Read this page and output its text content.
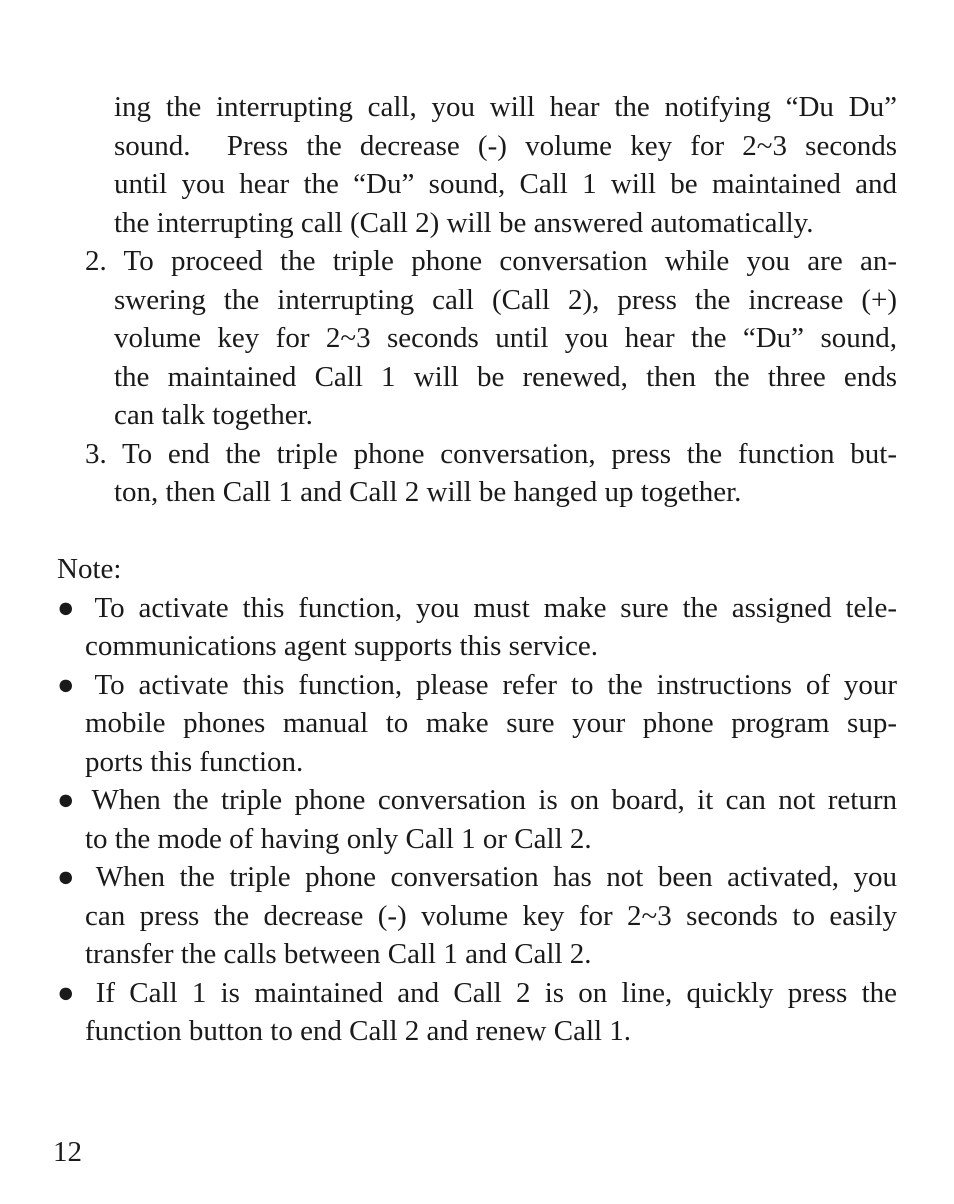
ing the interrupting call, you will hear the notifying “Du Du”

sound.  Press the decrease (-) volume key for 2~3 seconds

until you hear the “Du” sound, Call 1 will be maintained and

the interrupting call (Call 2) will be answered automatically.

2. To proceed the triple phone conversation while you are an-

swering the interrupting call (Call 2), press the increase (+)

volume key for 2~3 seconds until you hear the “Du” sound,

the maintained Call 1 will be renewed, then the three ends

can talk together.

3. To end the triple phone conversation, press the function but-

ton, then Call 1 and Call 2 will be hanged up together.

Note:

● To activate this function, you must make sure the assigned tele-

communications agent supports this service.

● To activate this function, please refer to the instructions of your

mobile phones manual to make sure your phone program sup-

ports this function.

● When the triple phone conversation is on board, it can not return

to the mode of having only Call 1 or Call 2.

● When the triple phone conversation has not been activated, you

can press the decrease (-) volume key for 2~3 seconds to easily

transfer the calls between Call 1 and Call 2.

● If Call 1 is maintained and Call 2 is on line, quickly press the

function button to end Call 2 and renew Call 1.

12
